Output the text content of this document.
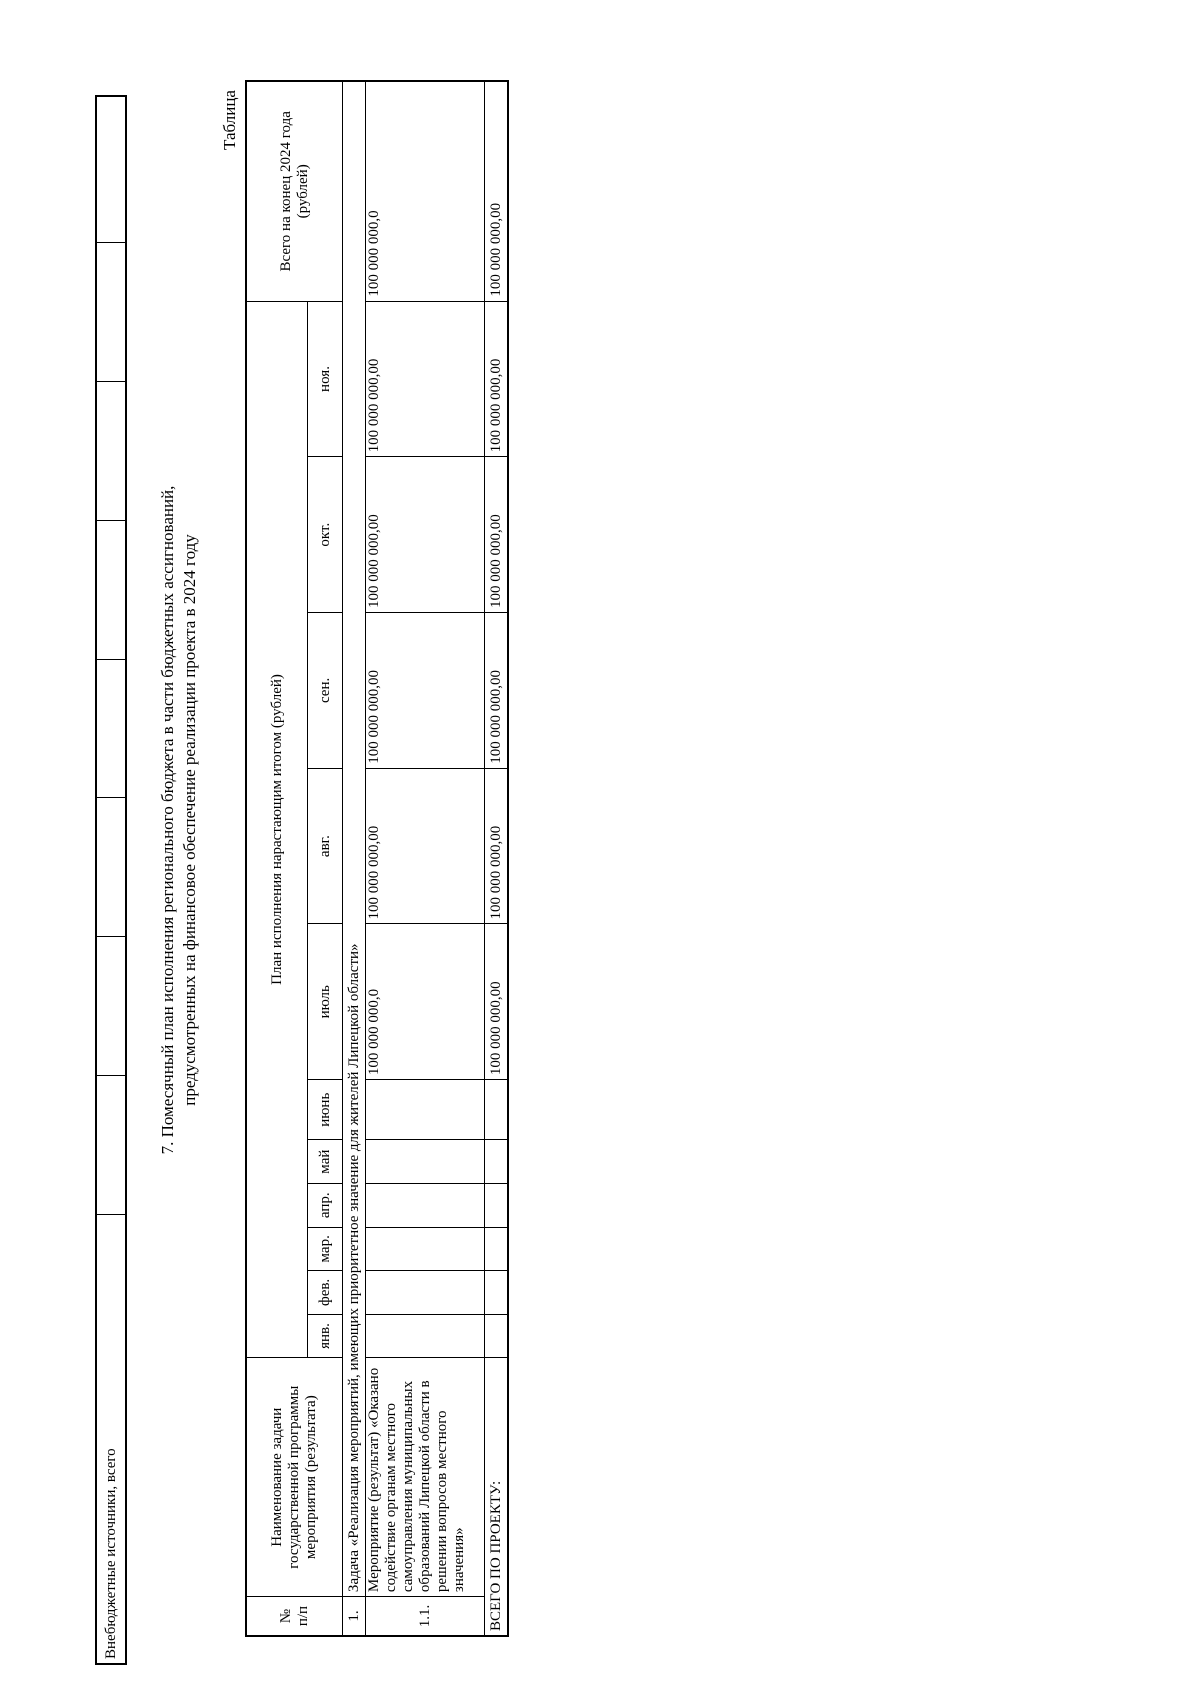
Внебюджетные источники, всего								
7. Помесячный план исполнения регионального бюджета в части бюджетных ассигнований, предусмотренных на финансовое обеспечение реализации проекта в 2024 году
Таблица
№ п/п	Наименование задачи государственной программы мероприятия (результата)	План исполнения нарастающим итогом (рублей)											Всего на конец 2024 года (рублей)
		янв.	фев.	мар.	апр.	май	июнь	июль	авг.	сен.	окт.	ноя.	
1.	Задача «Реализация мероприятий, имеющих приоритетное значение для жителей Липецкой области»												
1.1.	Мероприятие (результат) «Оказано содействие органам местного самоуправления муниципальных образований Липецкой области в решении вопросов местного значения»							100 000 000,0	100 000 000,00	100 000 000,00	100 000 000,00	100 000 000,00	100 000 000,0
ВСЕГО ПО ПРОЕКТУ:								100 000 000,00	100 000 000,00	100 000 000,00	100 000 000,00	100 000 000,00	100 000 000,00
